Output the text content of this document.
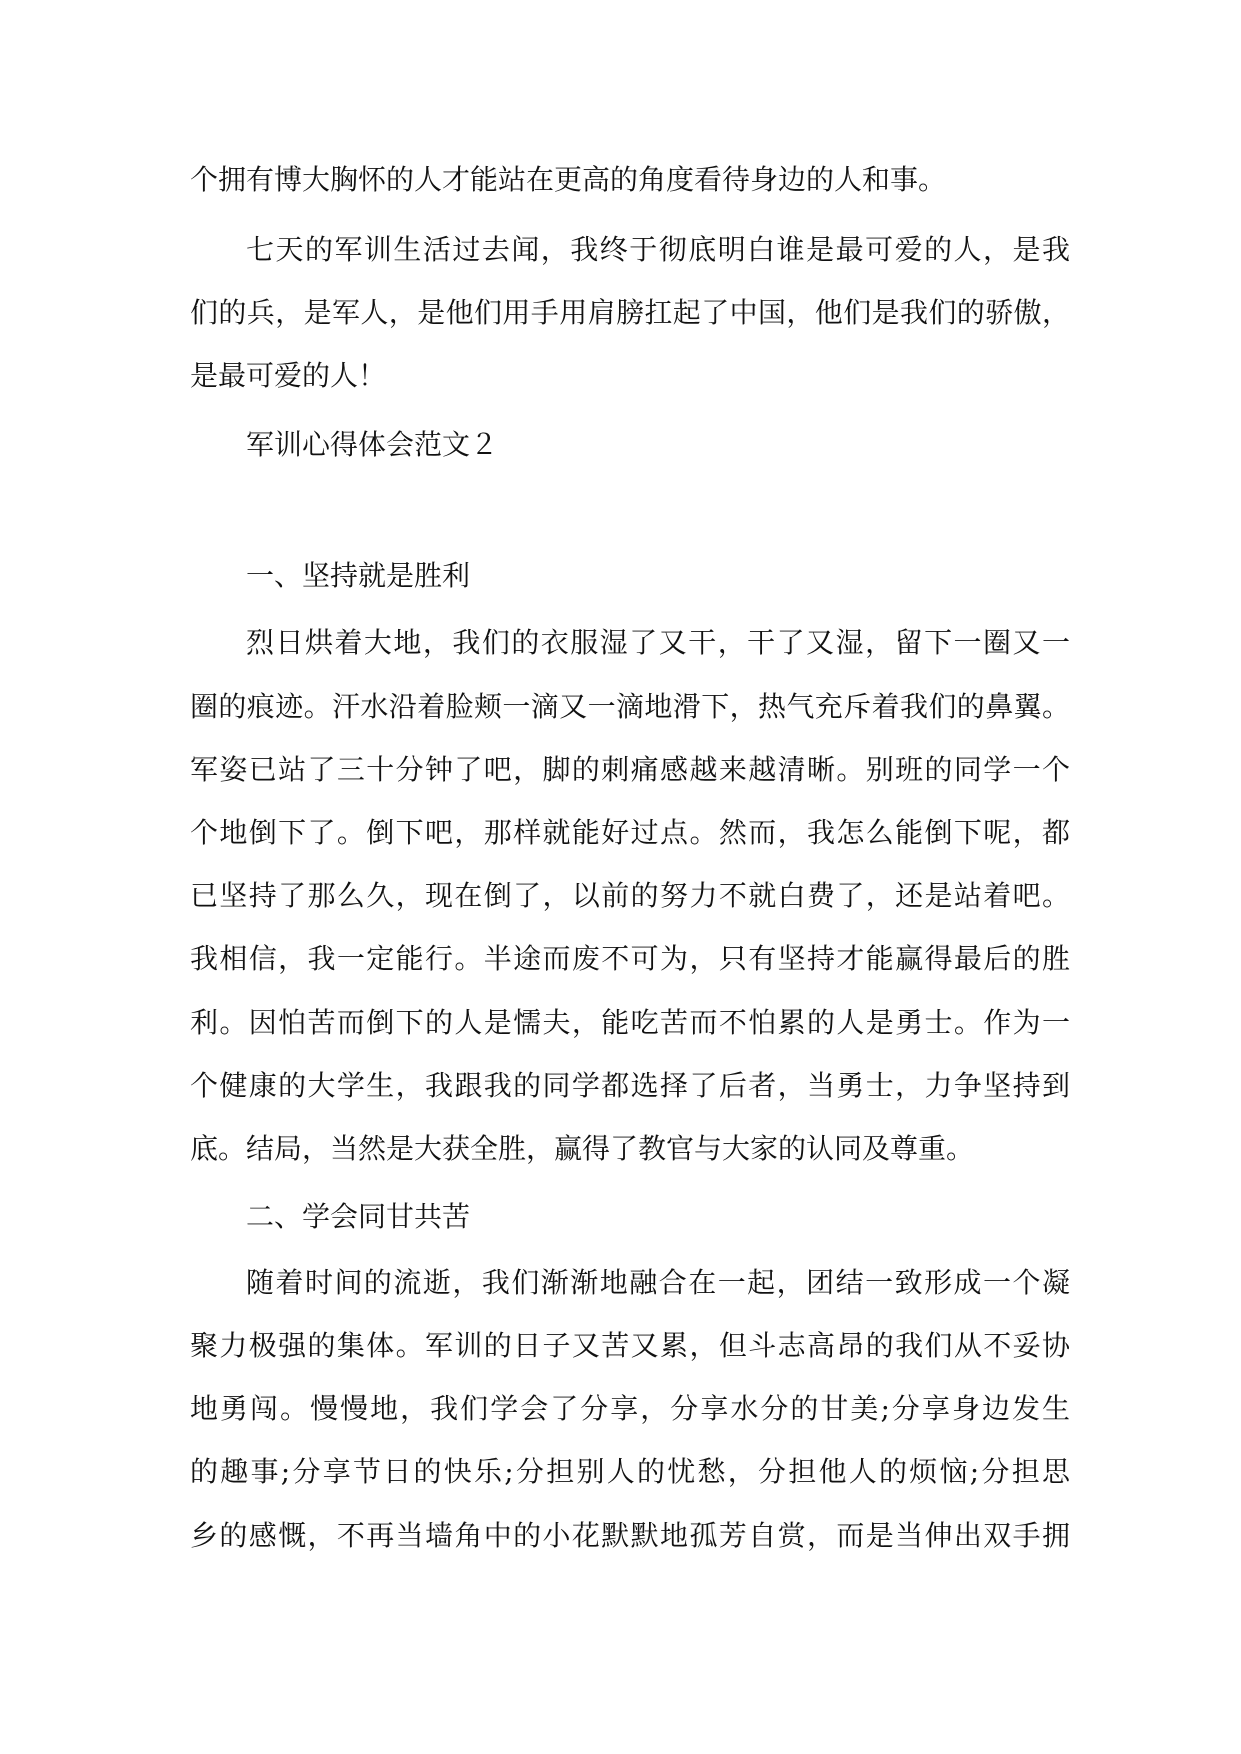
个拥有博大胸怀的人才能站在更高的角度看待身边的人和事。
七天的军训生活过去闻，我终于彻底明白谁是最可爱的人，是我
们的兵，是军人，是他们用手用肩膀扛起了中国，他们是我们的骄傲，
是最可爱的人！
军训心得体会范文２
一、坚持就是胜利
烈日烘着大地，我们的衣服湿了又干，干了又湿，留下一圈又一
圈的痕迹。汗水沿着脸颊一滴又一滴地滑下，热气充斥着我们的鼻翼。
军姿已站了三十分钟了吧，脚的刺痛感越来越清晰。别班的同学一个
个地倒下了。倒下吧，那样就能好过点。然而，我怎么能倒下呢，都
已坚持了那么久，现在倒了，以前的努力不就白费了，还是站着吧。
我相信，我一定能行。半途而废不可为，只有坚持才能赢得最后的胜
利。因怕苦而倒下的人是懦夫，能吃苦而不怕累的人是勇士。作为一
个健康的大学生，我跟我的同学都选择了后者，当勇士，力争坚持到
底。结局，当然是大获全胜，赢得了教官与大家的认同及尊重。
二、学会同甘共苦
随着时间的流逝，我们渐渐地融合在一起，团结一致形成一个凝
聚力极强的集体。军训的日子又苦又累，但斗志高昂的我们从不妥协
地勇闯。慢慢地，我们学会了分享，分享水分的甘美;分享身边发生
的趣事;分享节日的快乐;分担别人的忧愁，分担他人的烦恼;分担思
乡的感慨，不再当墙角中的小花默默地孤芳自赏，而是当伸出双手拥
